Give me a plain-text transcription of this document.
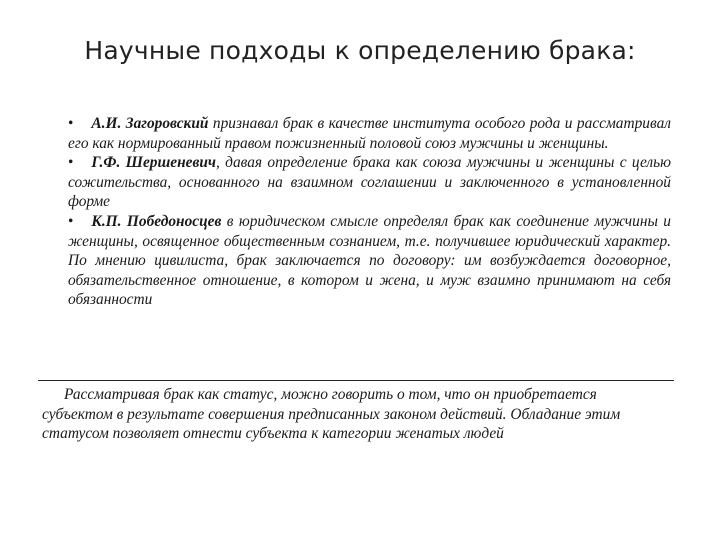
Научные подходы к определению брака:

• А.И. Загоровский признавал брак в качестве института особого рода и рассматривал его как нормированный правом пожизненный половой союз мужчины и женщины.

• Г.Ф. Шершеневич, давая определение брака как союза мужчины и женщины с целью сожительства, основанного на взаимном соглашении и заключенного в установленной форме

• К.П. Победоносцев в юридическом смысле определял брак как соединение мужчины и женщины, освященное общественным сознанием, т.е. получившее юридический характер. По мнению цивилиста, брак заключается по договору: им возбуждается договорное, обязательственное отношение, в котором и жена, и муж взаимно принимают на себя обязанности

Рассматривая брак как статус, можно говорить о том, что он приобретается субъектом в результате совершения предписанных законом действий. Обладание этим статусом позволяет отнести субъекта к категории женатых людей
